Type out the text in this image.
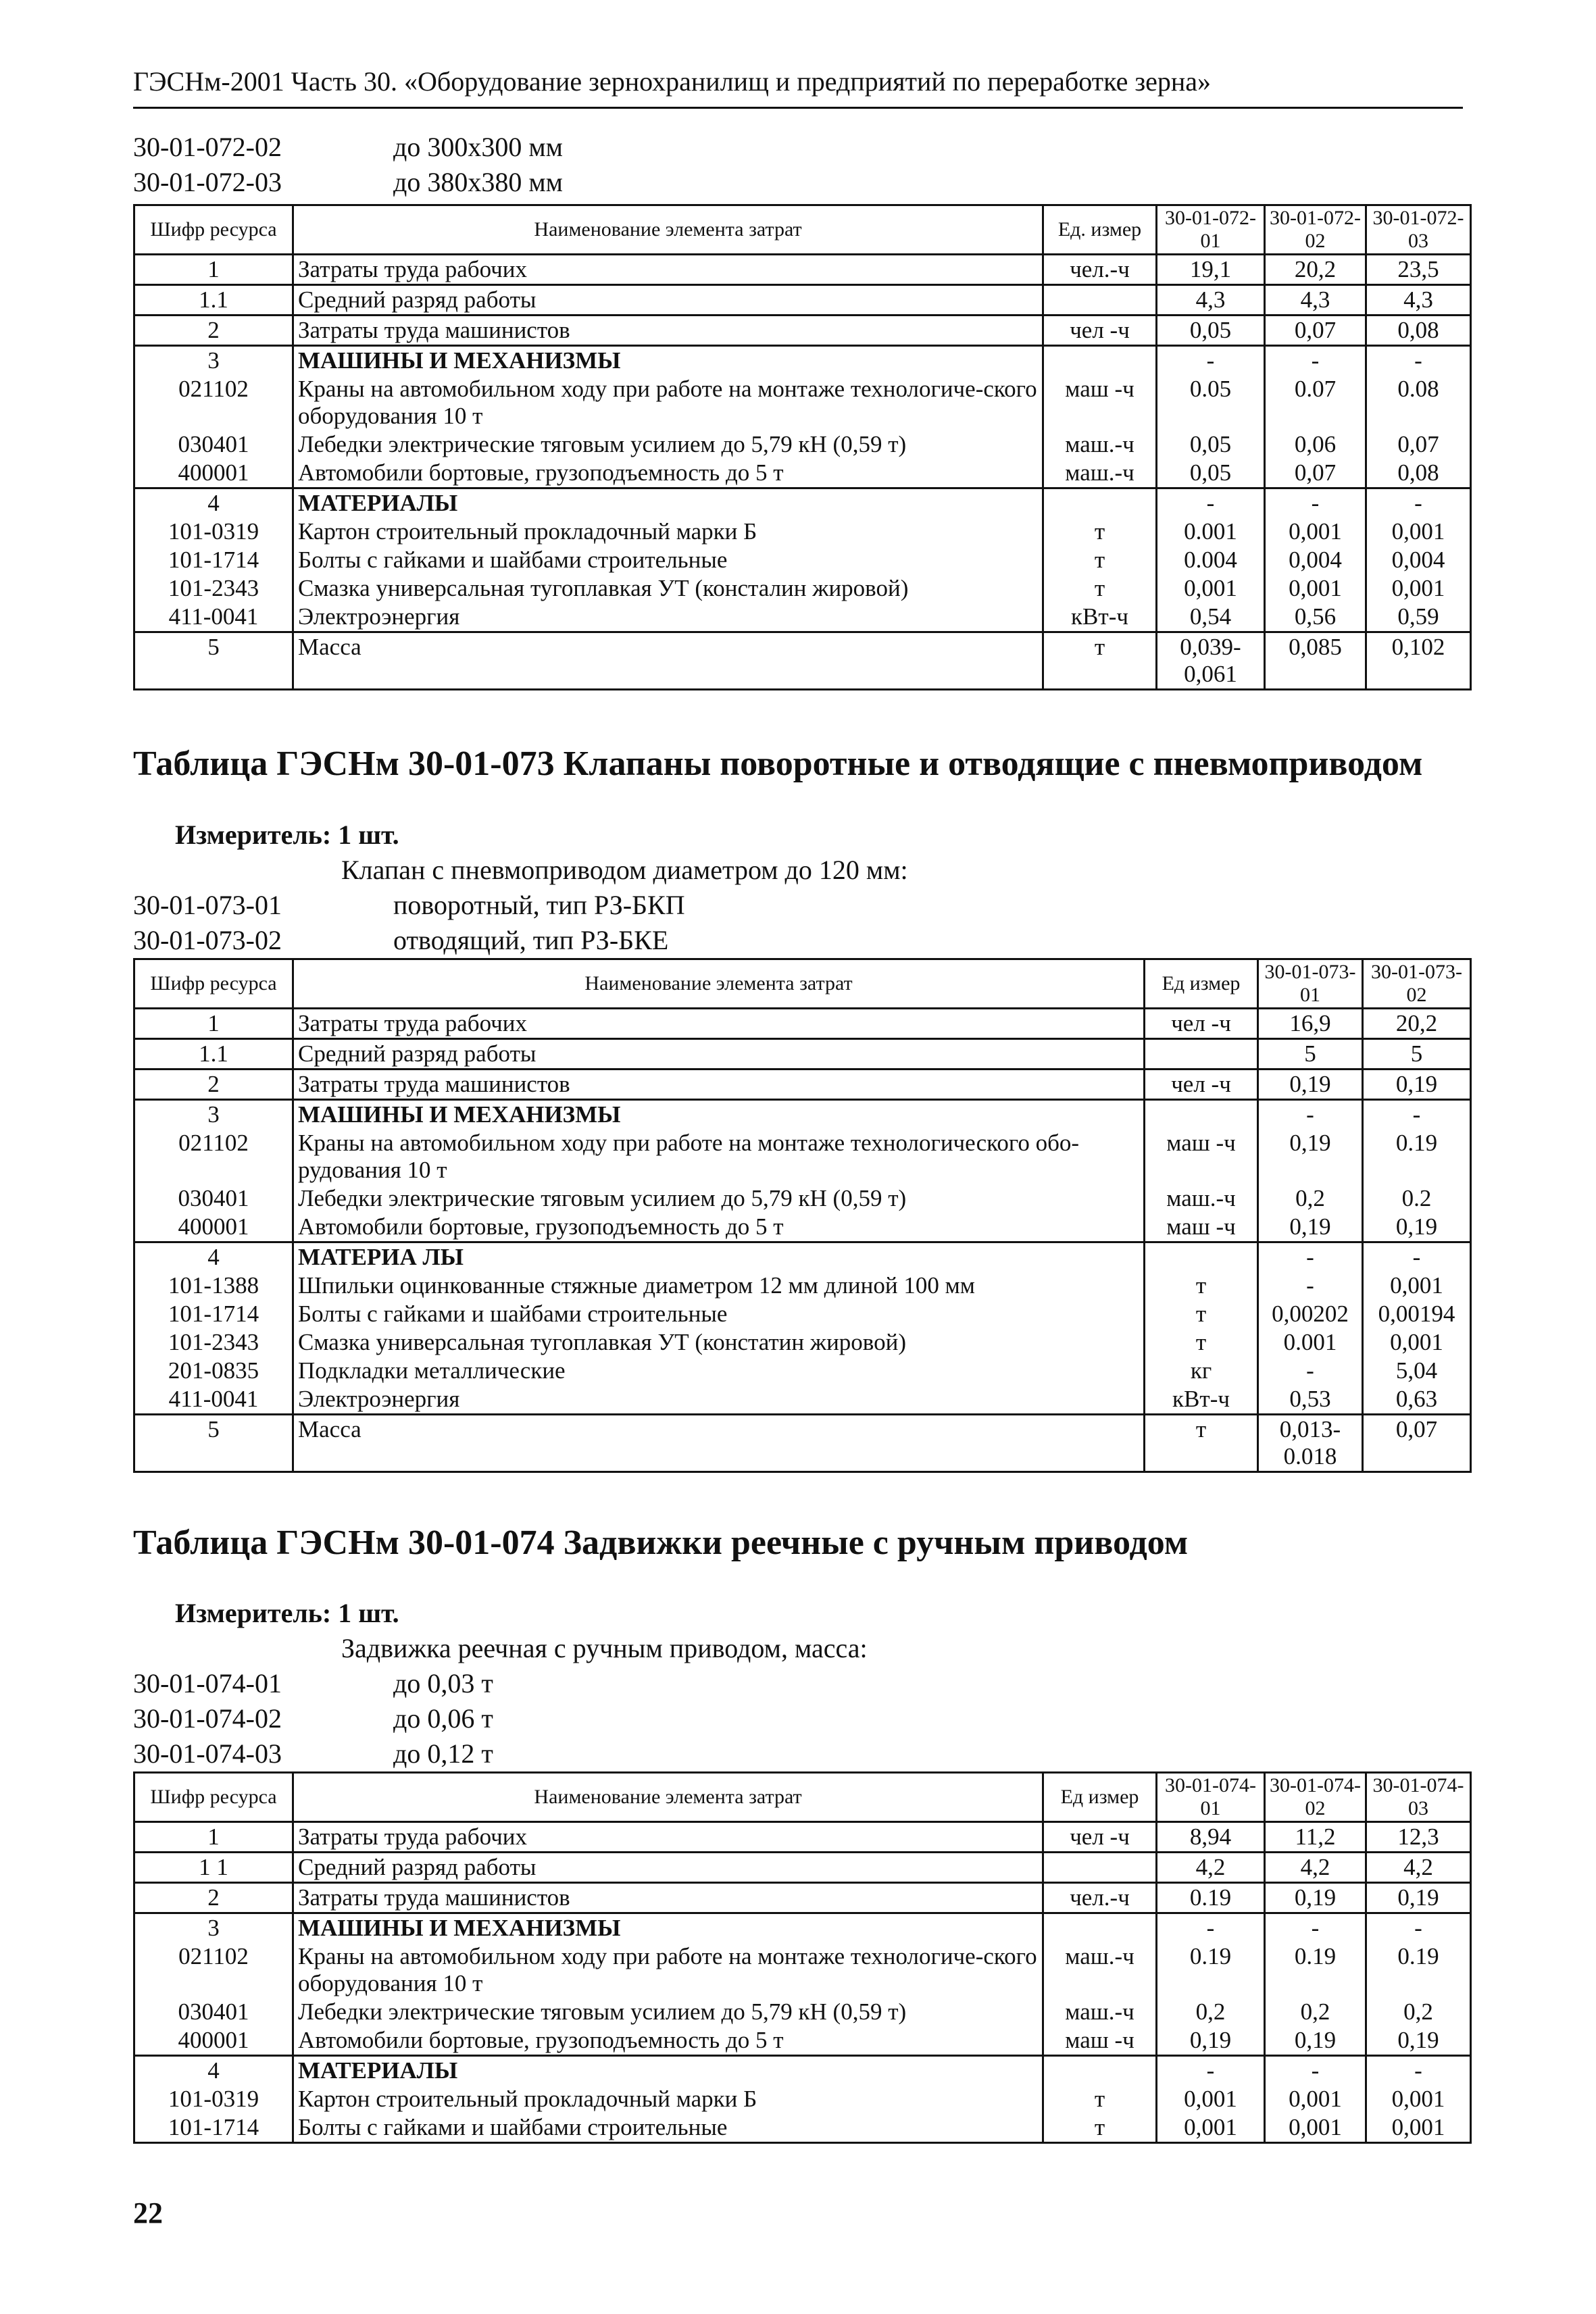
ГЭСНм-2001 Часть 30. «Оборудование зернохранилищ и предприятий по переработке зерна»
30-01-072-02	до 300x300 мм
30-01-072-03	до 380x380 мм
Шифр ресурса	Наименование элемента затрат	Ед. измер	30-01-072-01	30-01-072-02	30-01-072-03
1	Затраты труда рабочих	чел.-ч	19,1	20,2	23,5
1.1	Средний разряд работы		4,3	4,3	4,3
2	Затраты труда машинистов	чел -ч	0,05	0,07	0,08
3	МАШИНЫ И МЕХАНИЗМЫ		-	-	-
021102	Краны на автомобильном ходу при работе на монтаже технологиче-ского оборудования 10 т	маш -ч	0.05	0.07	0.08
030401	Лебедки электрические тяговым усилием до 5,79 кН (0,59 т)	маш.-ч	0,05	0,06	0,07
400001	Автомобили бортовые, грузоподъемность до 5 т	маш.-ч	0,05	0,07	0,08
4	МАТЕРИАЛЫ		-	-	-
101-0319	Картон строительный прокладочный марки Б	т	0.001	0,001	0,001
101-1714	Болты с гайками и шайбами строительные	т	0.004	0,004	0,004
101-2343	Смазка универсальная тугоплавкая УТ (консталин жировой)	т	0,001	0,001	0,001
411-0041	Электроэнергия	кВт-ч	0,54	0,56	0,59
5	Масса	т	0,039-0,061	0,085	0,102
Таблица ГЭСНм 30-01-073 Клапаны поворотные и отводящие с пневмоприводом
Измеритель: 1 шт.
Клапан с пневмоприводом диаметром до 120 мм:
30-01-073-01	поворотный, тип РЗ-БКП
30-01-073-02	отводящий, тип РЗ-БКЕ
Шифр ресурса	Наименование элемента затрат	Ед измер	30-01-073-01	30-01-073-02
1	Затраты труда рабочих	чел -ч	16,9	20,2
1.1	Средний разряд работы		5	5
2	Затраты труда машинистов	чел -ч	0,19	0,19
3	МАШИНЫ И МЕХАНИЗМЫ		-	-
021102	Краны на автомобильном ходу при работе на монтаже технологического обо-рудования 10 т	маш -ч	0,19	0.19
030401	Лебедки электрические тяговым усилием до 5,79 кН (0,59 т)	маш.-ч	0,2	0.2
400001	Автомобили бортовые, грузоподъемность до 5 т	маш -ч	0,19	0,19
4	МАТЕРИА ЛЫ		-	-
101-1388	Шпильки оцинкованные стяжные диаметром 12 мм длиной 100 мм	т	-	0,001
101-1714	Болты с гайками и шайбами строительные	т	0,00202	0,00194
101-2343	Смазка универсальная тугоплавкая УТ (констатин жировой)	т	0.001	0,001
201-0835	Подкладки металлические	кг	-	5,04
411-0041	Электроэнергия	кВт-ч	0,53	0,63
5	Масса	т	0,013-0.018	0,07
Таблица ГЭСНм 30-01-074 Задвижки реечные с ручным приводом
Измеритель: 1 шт.
Задвижка реечная с ручным приводом, масса:
30-01-074-01	до 0,03 т
30-01-074-02	до 0,06 т
30-01-074-03	до 0,12 т
Шифр ресурса	Наименование элемента затрат	Ед измер	30-01-074-01	30-01-074-02	30-01-074-03
1	Затраты труда рабочих	чел -ч	8,94	11,2	12,3
1 1	Средний разряд работы		4,2	4,2	4,2
2	Затраты труда машинистов	чел.-ч	0.19	0,19	0,19
3	МАШИНЫ И МЕХАНИЗМЫ		-	-	-
021102	Краны на автомобильном ходу при работе на монтаже технологиче-ского оборудования 10 т	маш.-ч	0.19	0.19	0.19
030401	Лебедки электрические тяговым усилием до 5,79 кН (0,59 т)	маш.-ч	0,2	0,2	0,2
400001	Автомобили бортовые, грузоподъемность до 5 т	маш -ч	0,19	0,19	0,19
4	МАТЕРИАЛЫ		-	-	-
101-0319	Картон строительный прокладочный марки Б	т	0,001	0,001	0,001
101-1714	Болты с гайками и шайбами строительные	т	0,001	0,001	0,001
22
